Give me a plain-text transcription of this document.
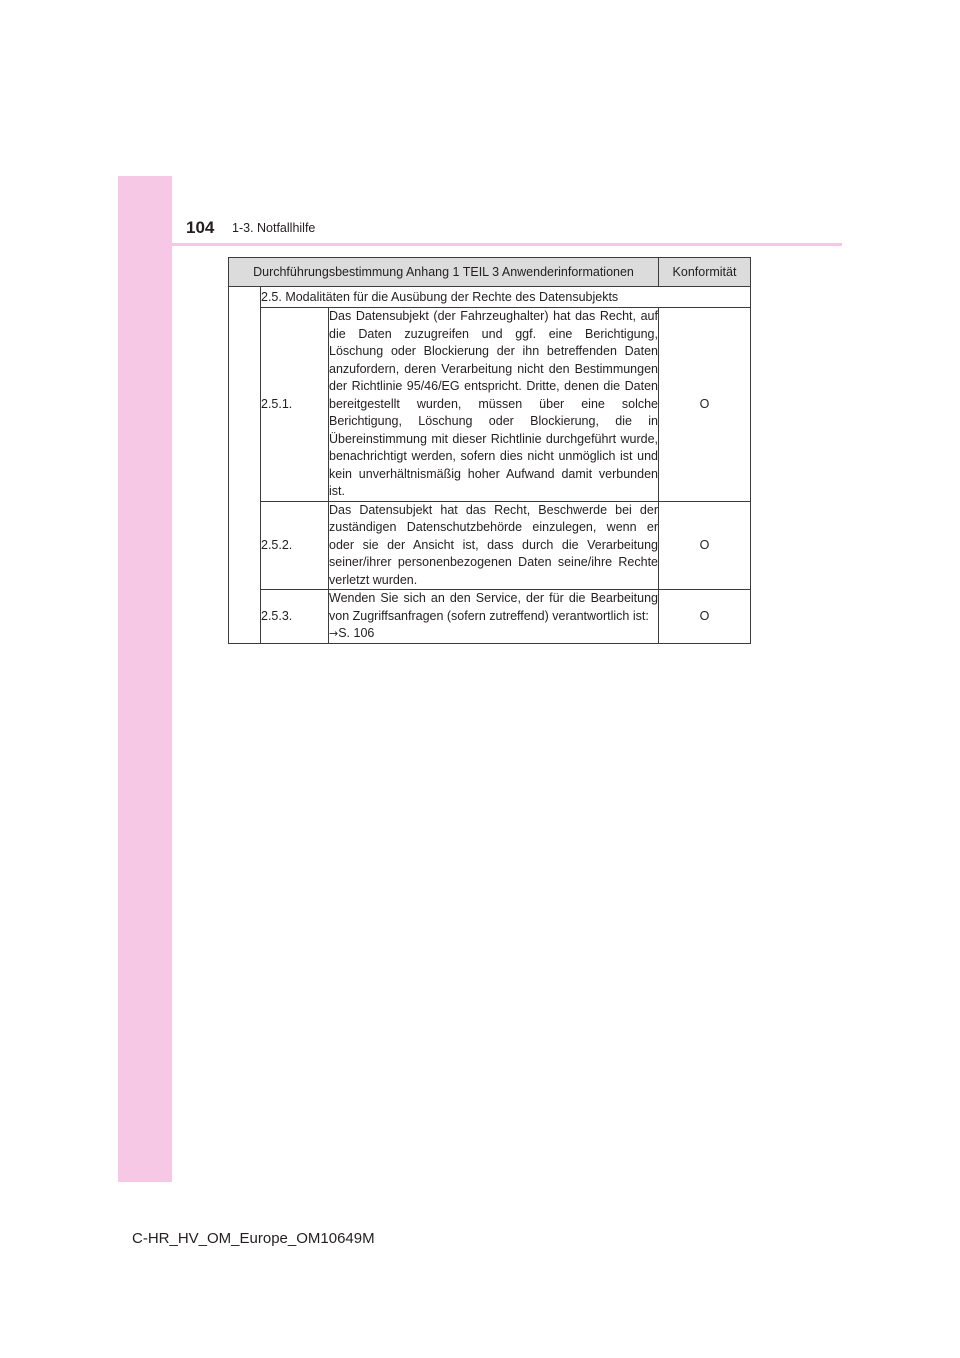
104 1-3. Notfallhilfe
Durchführungsbestimmung Anhang 1 TEIL 3 Anwenderinformationen			Konformität
	2.5. Modalitäten für die Ausübung der Rechte des Datensubjekts		
	2.5.1.	Das Datensubjekt (der Fahrzeughalter) hat das Recht, auf die Daten zuzugreifen und ggf. eine Berichtigung, Löschung oder Blockierung der ihn betreffenden Daten anzufordern, deren Verarbeitung nicht den Bestimmungen der Richtlinie 95/46/EG entspricht. Dritte, denen die Daten bereitgestellt wurden, müssen über eine solche Berichtigung, Löschung oder Blockierung, die in Übereinstimmung mit dieser Richtlinie durchgeführt wurde, benachrichtigt werden, sofern dies nicht unmöglich ist und kein unverhältnismäßig hoher Aufwand damit verbunden ist.	O
	2.5.2.	Das Datensubjekt hat das Recht, Beschwerde bei der zuständigen Datenschutzbehörde einzulegen, wenn er oder sie der Ansicht ist, dass durch die Verarbeitung seiner/ihrer personenbezogenen Daten seine/ihre Rechte verletzt wurden.	O
	2.5.3.	Wenden Sie sich an den Service, der für die Bearbeitung von Zugriffsanfragen (sofern zutreffend) verantwortlich ist:
→S. 106	O
C-HR_HV_OM_Europe_OM10649M
